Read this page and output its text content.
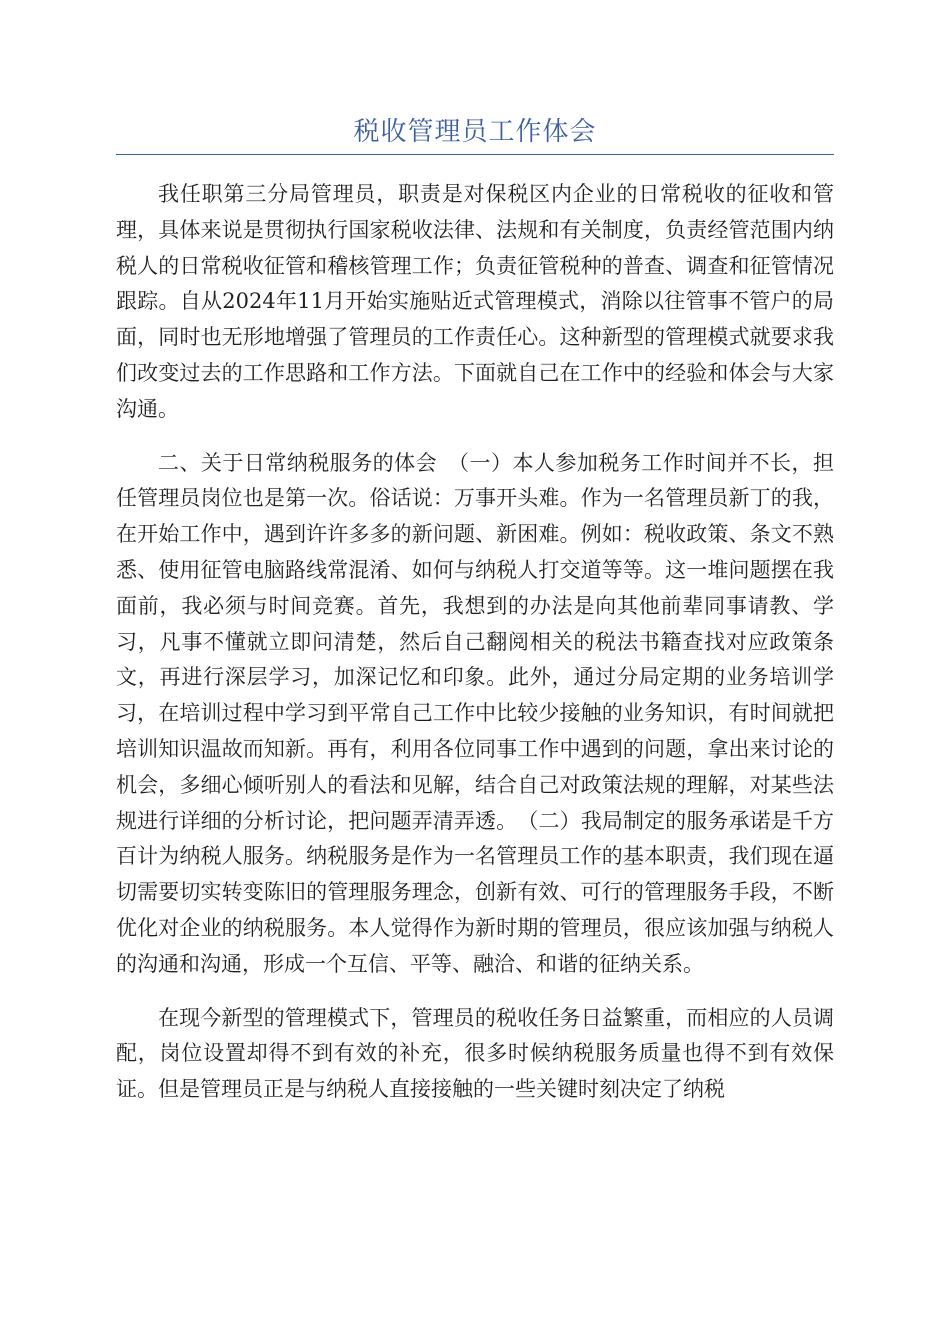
税收管理员工作体会

我任职第三分局管理员，职责是对保税区内企业的日常税收的征收和管理，具体来说是贯彻执行国家税收法律、法规和有关制度，负责经管范围内纳税人的日常税收征管和稽核管理工作；负责征管税种的普查、调查和征管情况跟踪。自从2024年11月开始实施贴近式管理模式，消除以往管事不管户的局面，同时也无形地增强了管理员的工作责任心。这种新型的管理模式就要求我们改变过去的工作思路和工作方法。下面就自己在工作中的经验和体会与大家沟通。

二、关于日常纳税服务的体会　（一）本人参加税务工作时间并不长，担任管理员岗位也是第一次。俗话说：万事开头难。作为一名管理员新丁的我，在开始工作中，遇到许许多多的新问题、新困难。例如：税收政策、条文不熟悉、使用征管电脑路线常混淆、如何与纳税人打交道等等。这一堆问题摆在我面前，我必须与时间竞赛。首先，我想到的办法是向其他前辈同事请教、学习，凡事不懂就立即问清楚，然后自己翻阅相关的税法书籍查找对应政策条文，再进行深层学习，加深记忆和印象。此外，通过分局定期的业务培训学习，在培训过程中学习到平常自己工作中比较少接触的业务知识，有时间就把培训知识温故而知新。再有，利用各位同事工作中遇到的问题，拿出来讨论的机会，多细心倾听别人的看法和见解，结合自己对政策法规的理解，对某些法规进行详细的分析讨论，把问题弄清弄透。　（二）我局制定的服务承诺是千方百计为纳税人服务。纳税服务是作为一名管理员工作的基本职责，我们现在逼切需要切实转变陈旧的管理服务理念，创新有效、可行的管理服务手段，不断优化对企业的纳税服务。本人觉得作为新时期的管理员，很应该加强与纳税人的沟通和沟通，形成一个互信、平等、融洽、和谐的征纳关系。

在现今新型的管理模式下，管理员的税收任务日益繁重，而相应的人员调配，岗位设置却得不到有效的补充，很多时候纳税服务质量也得不到有效保证。但是管理员正是与纳税人直接接触的一些关键时刻决定了纳税
